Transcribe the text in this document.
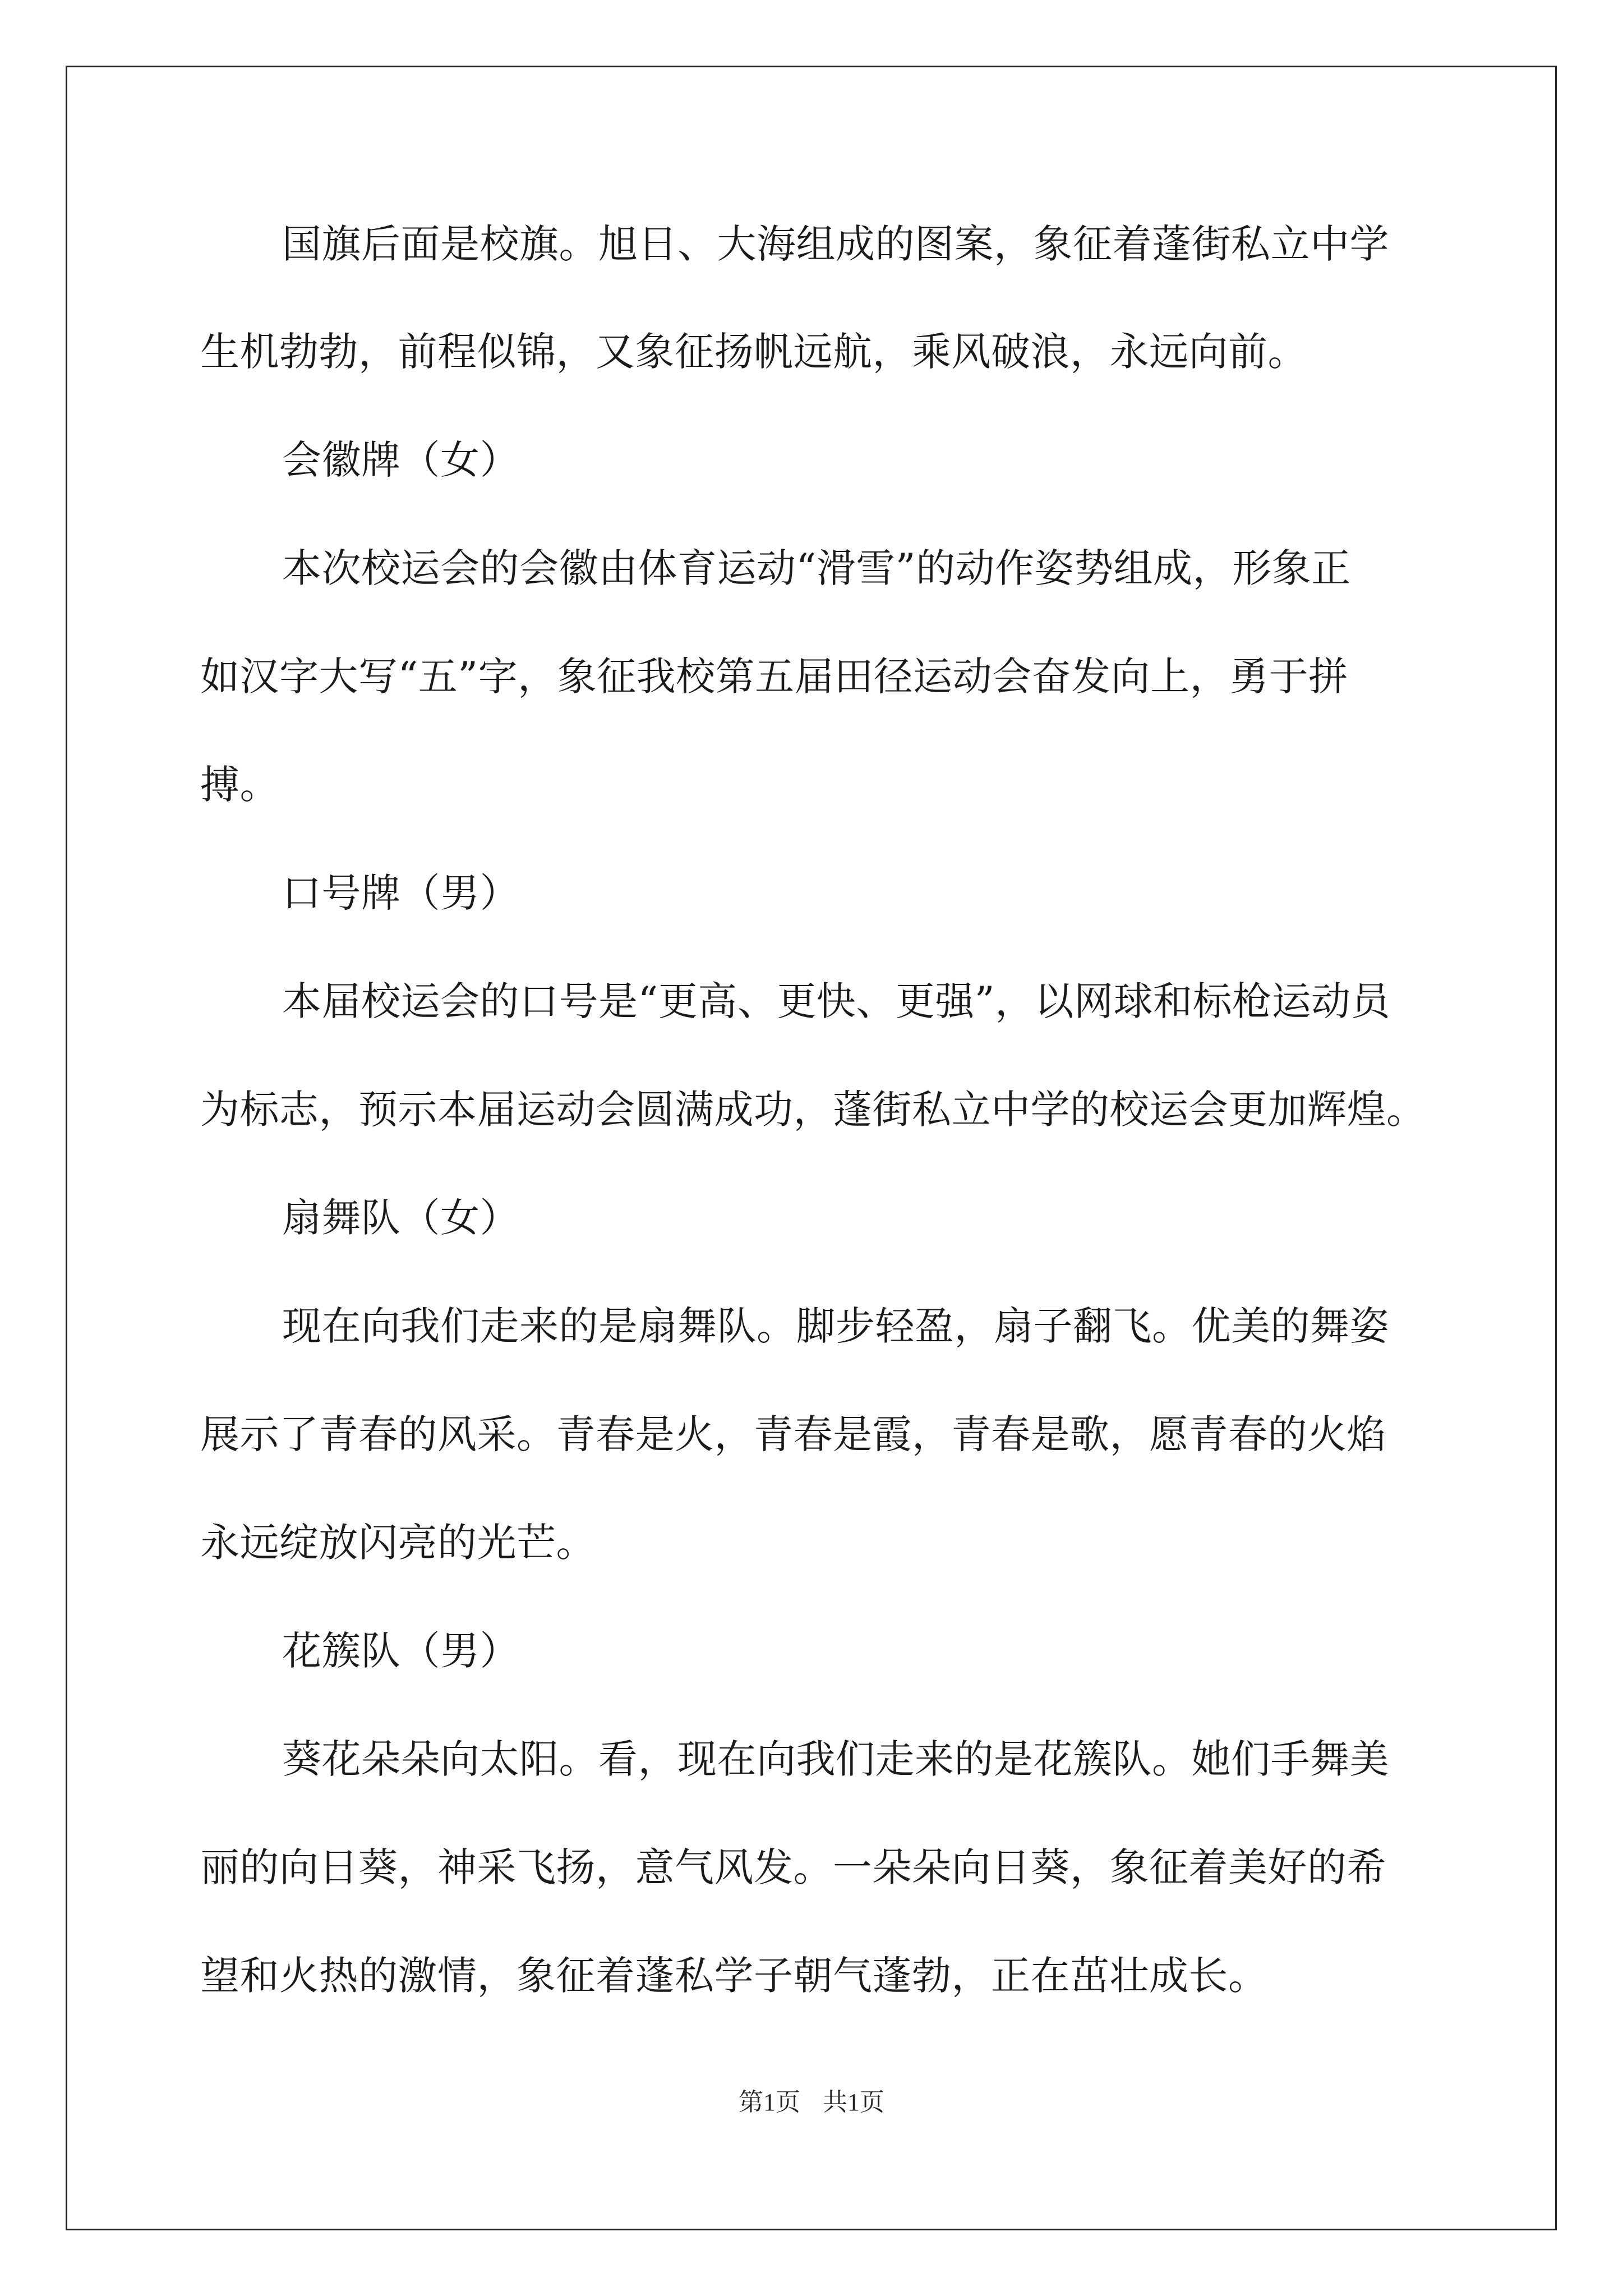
国旗后面是校旗。旭日、大海组成的图案，象征着蓬街私立中学
生机勃勃，前程似锦，又象征扬帆远航，乘风破浪，永远向前。
会徽牌（女）
本次校运会的会徽由体育运动“滑雪”的动作姿势组成，形象正
如汉字大写“五”字，象征我校第五届田径运动会奋发向上，勇于拼
搏。
口号牌（男）
本届校运会的口号是“更高、更快、更强”，以网球和标枪运动员
为标志，预示本届运动会圆满成功，蓬街私立中学的校运会更加辉煌。
扇舞队（女）
现在向我们走来的是扇舞队。脚步轻盈，扇子翻飞。优美的舞姿
展示了青春的风采。青春是火，青春是霞，青春是歌，愿青春的火焰
永远绽放闪亮的光芒。
花簇队（男）
葵花朵朵向太阳。看，现在向我们走来的是花簇队。她们手舞美
丽的向日葵，神采飞扬，意气风发。一朵朵向日葵，象征着美好的希
望和火热的激情，象征着蓬私学子朝气蓬勃，正在茁壮成长。
第1页 共1页
